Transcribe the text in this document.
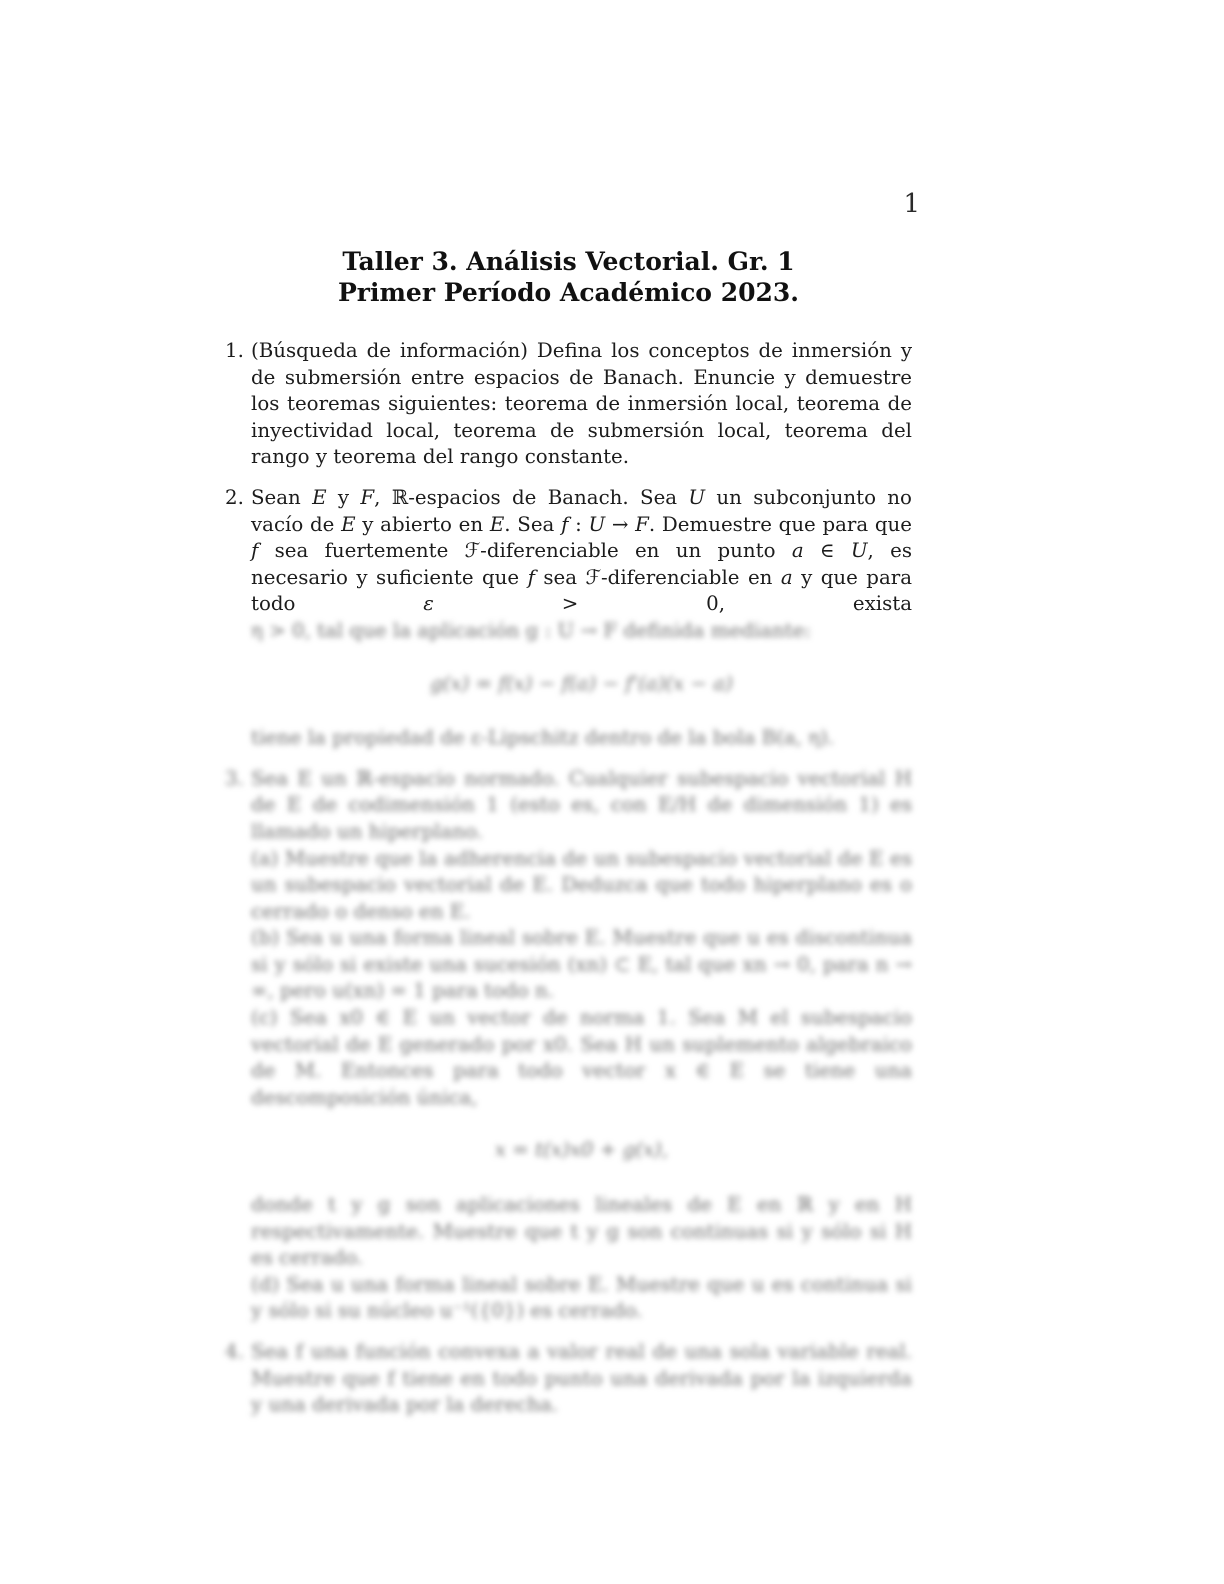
1
Taller 3. Análisis Vectorial. Gr. 1
Primer Período Académico 2023.
1. (Búsqueda de información) Defina los conceptos de inmersión y de submersión entre espacios de Banach. Enuncie y demuestre los teoremas siguientes: teorema de inmersión local, teorema de inyectividad local, teorema de submersión local, teorema del rango y teorema del rango constante.

2. Sean E y F, ℝ-espacios de Banach. Sea U un subconjunto no vacío de E y abierto en E. Sea f : U → F. Demuestre que para que f sea fuertemente ℱ-diferenciable en un punto a ∈ U, es necesario y suficiente que f sea ℱ-diferenciable en a y que para todo ε > 0, exista

η > 0, tal que la aplicación g : U → F definida mediante:

g(x) = f(x) − f(a) − f'(a)(x − a)

tiene la propiedad de ε-Lipschitz dentro de la bola B(a, η).

3. Sea E un ℝ-espacio normado. Cualquier subespacio vectorial H de E de codimensión 1 (esto es, con E/H de dimensión 1) es llamado un hiperplano.

(a) Muestre que la adherencia de un subespacio vectorial de E es un subespacio vectorial de E. Deduzca que todo hiperplano es o cerrado o denso en E.

(b) Sea u una forma lineal sobre E. Muestre que u es discontinua si y sólo si existe una sucesión (xn) ⊂ E, tal que xn → 0, para n → ∞, pero u(xn) = 1 para todo n.

(c) Sea x0 ∈ E un vector de norma 1. Sea M el subespacio vectorial de E generado por x0. Sea H un suplemento algebraico de M. Entonces para todo vector x ∈ E se tiene una descomposición única,

x = t(x)x0 + g(x),

donde t y g son aplicaciones lineales de E en ℝ y en H respectivamente. Muestre que t y g son continuas si y sólo si H es cerrado.

(d) Sea u una forma lineal sobre E. Muestre que u es continua si y sólo si su núcleo u⁻¹({0}) es cerrado.

4. Sea f una función convexa a valor real de una sola variable real. Muestre que f tiene en todo punto una derivada por la izquierda y una derivada por la derecha.
